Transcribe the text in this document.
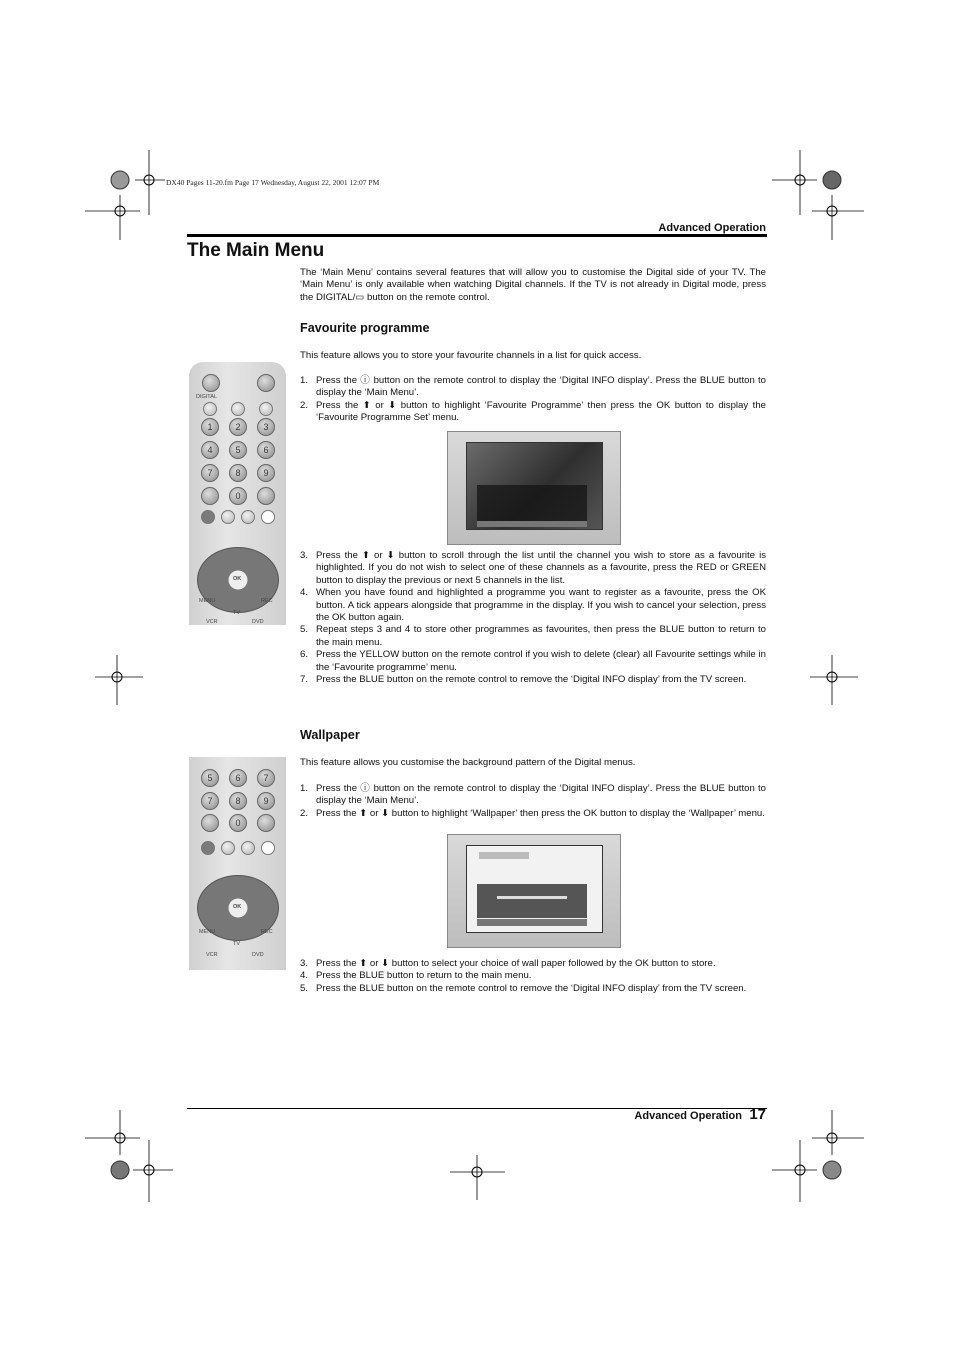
DX40 Pages 11-20.fm Page 17 Wednesday, August 22, 2001 12:07 PM
Advanced Operation
The Main Menu

The ‘Main Menu’ contains several features that will allow you to customise the Digital side of your TV. The ‘Main Menu’ is only available when watching Digital channels. If the TV is not already in Digital mode, press the DIGITAL/▭ button on the remote control.

Favourite programme

This feature allows you to store your favourite channels in a list for quick access.

1. Press the ⓘ button on the remote control to display the ‘Digital INFO display’. Press the BLUE button to display the ‘Main Menu’.
2. Press the ⬆ or ⬇ button to highlight ‘Favourite Programme’ then press the OK button to display the ‘Favourite Programme Set’ menu.
3. Press the ⬆ or ⬇ button to scroll through the list until the channel you wish to store as a favourite is highlighted. If you do not wish to select one of these channels as a favourite, press the RED or GREEN button to display the previous or next 5 channels in the list.
4. When you have found and highlighted a programme you want to register as a favourite, press the OK button. A tick appears alongside that programme in the display. If you wish to cancel your selection, press the OK button again.
5. Repeat steps 3 and 4 to store other programmes as favourites, then press the BLUE button to return to the main menu.
6. Press the YELLOW button on the remote control if you wish to delete (clear) all Favourite settings while in the ‘Favourite programme’ menu.
7. Press the BLUE button on the remote control to remove the ‘Digital INFO display’ from the TV screen.
DIGITAL
1	2	3
4	5	6
7	8	9
0
OK
MENU	REC
TV
VCR	DVD
Wallpaper

This feature allows you customise the background pattern of the Digital menus.

1. Press the ⓘ button on the remote control to display the ‘Digital INFO display’. Press the BLUE button to display the ‘Main Menu’.
2. Press the ⬆ or ⬇ button to highlight ‘Wallpaper’ then press the OK button to display the ‘Wallpaper’ menu.
3. Press the ⬆ or ⬇ button to select your choice of wall paper followed by the OK button to store.
4. Press the BLUE button to return to the main menu.
5. Press the BLUE button on the remote control to remove the ‘Digital INFO display’ from the TV screen.
5	6	7
7	8	9
0
OK
MENU	REC
TV
VCR	DVD
Advanced Operation 17
